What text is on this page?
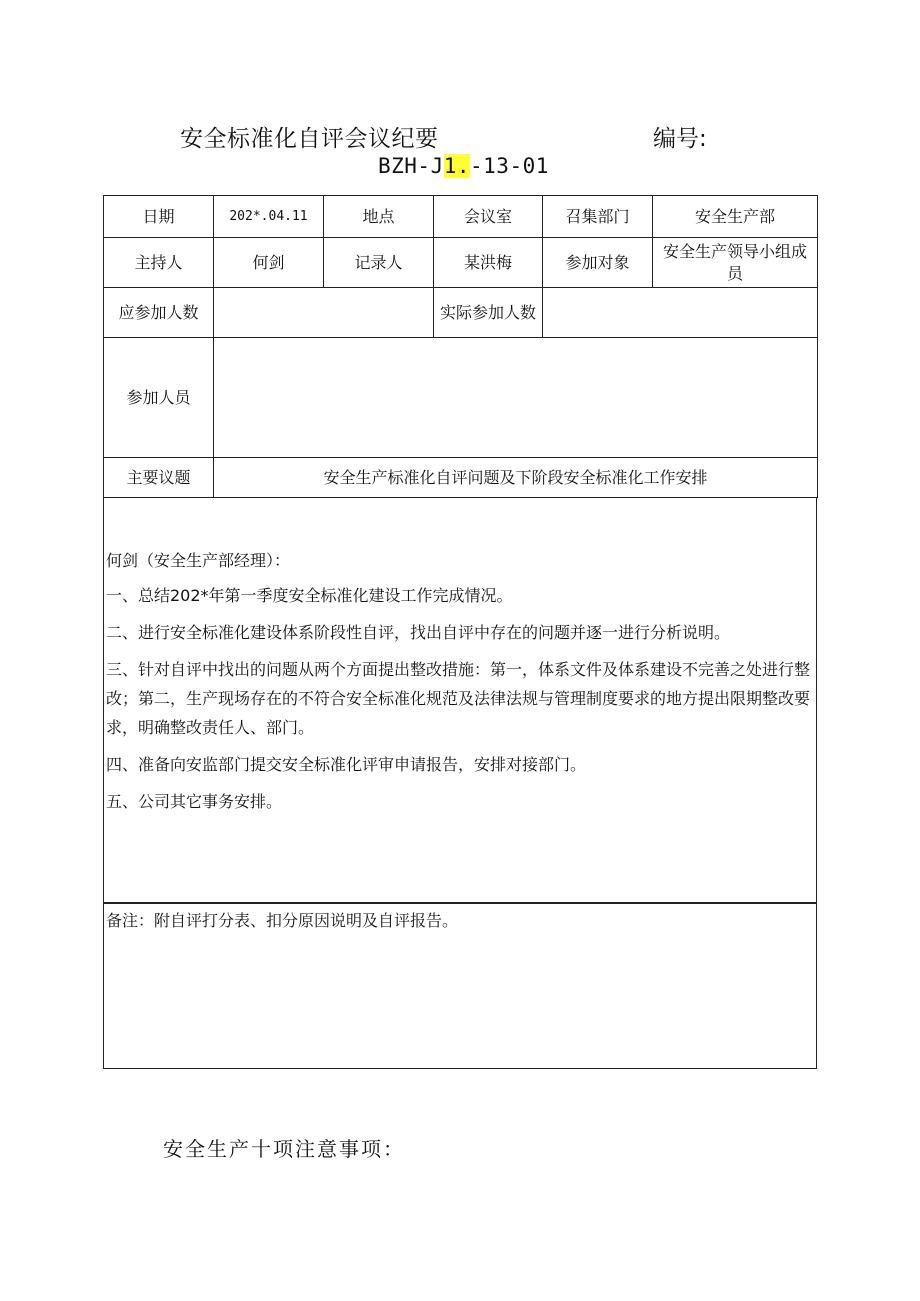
安全标准化自评会议纪要	编号:
BZH-J1.-13-01
日期	202*.04.11	地点	会议室	召集部门	安全生产部
主持人	何剑	记录人	某洪梅	参加对象	安全生产领导小组成员
应参加人数			实际参加人数		
参加人员					
主要议题	安全生产标准化自评问题及下阶段安全标准化工作安排				
何剑（安全生产部经理）：

一、总结202*年第一季度安全标准化建设工作完成情况。

二、进行安全标准化建设体系阶段性自评，找出自评中存在的问题并逐一进行分析说明。

三、针对自评中找出的问题从两个方面提出整改措施：第一，体系文件及体系建设不完善之处进行整改；第二，生产现场存在的不符合安全标准化规范及法律法规与管理制度要求的地方提出限期整改要求，明确整改责任人、部门。

四、准备向安监部门提交安全标准化评审申请报告，安排对接部门。

五、公司其它事务安排。

备注：附自评打分表、扣分原因说明及自评报告。
安全生产十项注意事项：
